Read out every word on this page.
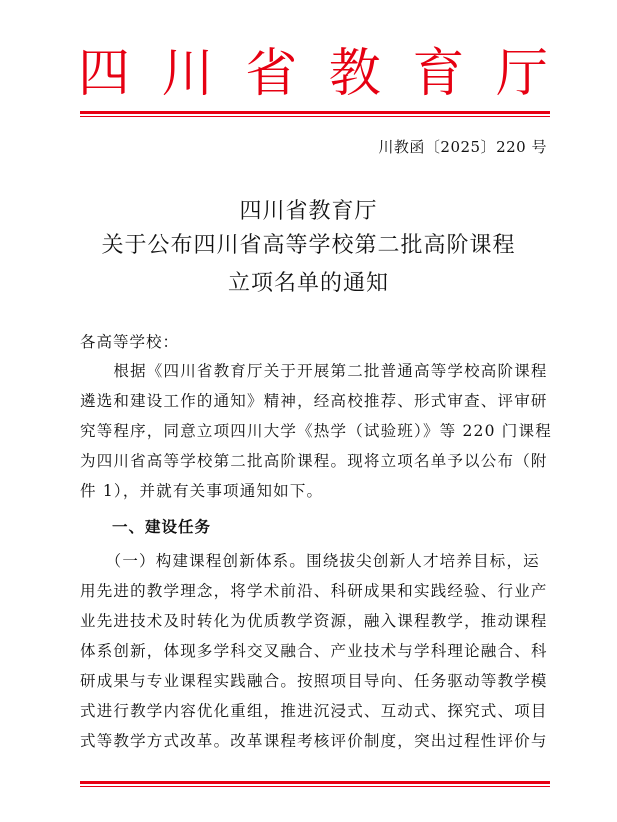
四 川 省 教 育 厅
川教函〔2025〕220 号
四川省教育厅
关于公布四川省高等学校第二批高阶课程
立项名单的通知
各高等学校：
　　根据《四川省教育厅关于开展第二批普通高等学校高阶课程
遴选和建设工作的通知》精神，经高校推荐、形式审查、评审研
究等程序，同意立项四川大学《热学（试验班）》等 220 门课程
为四川省高等学校第二批高阶课程。现将立项名单予以公布（附
件 1），并就有关事项通知如下。
一、建设任务
　　（一）构建课程创新体系。围绕拔尖创新人才培养目标，运
用先进的教学理念，将学术前沿、科研成果和实践经验、行业产
业先进技术及时转化为优质教学资源，融入课程教学，推动课程
体系创新，体现多学科交叉融合、产业技术与学科理论融合、科
研成果与专业课程实践融合。按照项目导向、任务驱动等教学模
式进行教学内容优化重组，推进沉浸式、互动式、探究式、项目
式等教学方式改革。改革课程考核评价制度，突出过程性评价与
